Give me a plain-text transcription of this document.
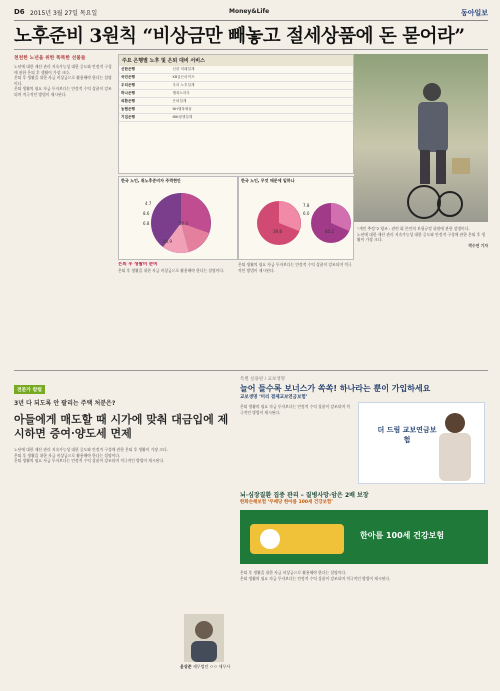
D6 2015년 3월 27일 목요일	Money&Life	동아일보
노후준비 3원칙 “비상금만 빼놓고 절세상품에 돈 묻어라”
천천한 노년을 위한 똑똑한 선물들
노년에 대한 재산 관리 지속가능성 대한 증도와 안정적 구성에 관한 은퇴 후 생활이 가장 크다.
은퇴 후 생활을 위한 자금 비상금으로 활용해야 한다는 설명이다.
은퇴 생활의 필요 자금 투자보다는 안정적 수익 상품이 강조되며 적극적인 방법이 제시된다.
주요 은행별 노후 및 은퇴 대비 서비스
신한은행	신한 미래설계
국민은행	KB골든라이프
우리은행	우리 노후설계
하나은행	행복노하우
외환은행	은퇴설계
농협은행	NH행복채움
기업은행	IBK평생설계
한국 노인, 취노후준비자 주력현안
56.4
14.9
8.6
6.8
4.7
한국 노인, 무엇 때문에 일하나
39.8	40.2
7.8
6.0
은퇴 후 생활비 준비
은퇴 후 생활을 위한 자금 비상금으로 활용해야 한다는 설명이다.
은퇴 생활의 필요 자금 투자보다는 안정적 수익 상품이 강조되며 적극적인 방법이 제시된다.
“개인 추정”2 영조 : 관련 회 본인의 보험규정 위원에 관한 설명이다.
노년에 대한 재산 관리 지속가능성 대한 증도와 안정적 구성에 관한 은퇴 후 생활이 가장 크다.
박수연 기자
전문가 칼럼
3년 다 되도록 안 팔리는 주택 처분은?
아들에게 매도할 때 시가에 맞춰 대금입에 제시하면 증여·양도세 면제
노년에 대한 재산 관리 지속가능성 대한 증도와 안정적 구성에 관한 은퇴 후 생활이 가장 크다.
은퇴 후 생활을 위한 자금 비상금으로 활용해야 한다는 설명이다.
은퇴 생활의 필요 자금 투자보다는 안정적 수익 상품이 강조되며 적극적인 방법이 제시된다.
윤상준 세무법인 ㅇㅇ 세무사
특별 실용판 / 교보생명
늘어 들수록 보너스가 쏙쏙! 하나라는 뿐이 가입하세요
교보생명 ‘미리 결제교보연금보험’
더 드림 교보연금보험
은퇴 생활의 필요 자금 투자보다는 안정적 수익 상품이 강조되며 적극적인 방법이 제시된다.
뇌·심장질환 집중 관리 – 질병사망·암은 2배 보장
한화손해보험 ‘무배당 한아름 100세 건강보험’
한아름 100세 건강보험
은퇴 후 생활을 위한 자금 비상금으로 활용해야 한다는 설명이다.
은퇴 생활의 필요 자금 투자보다는 안정적 수익 상품이 강조되며 적극적인 방법이 제시된다.
